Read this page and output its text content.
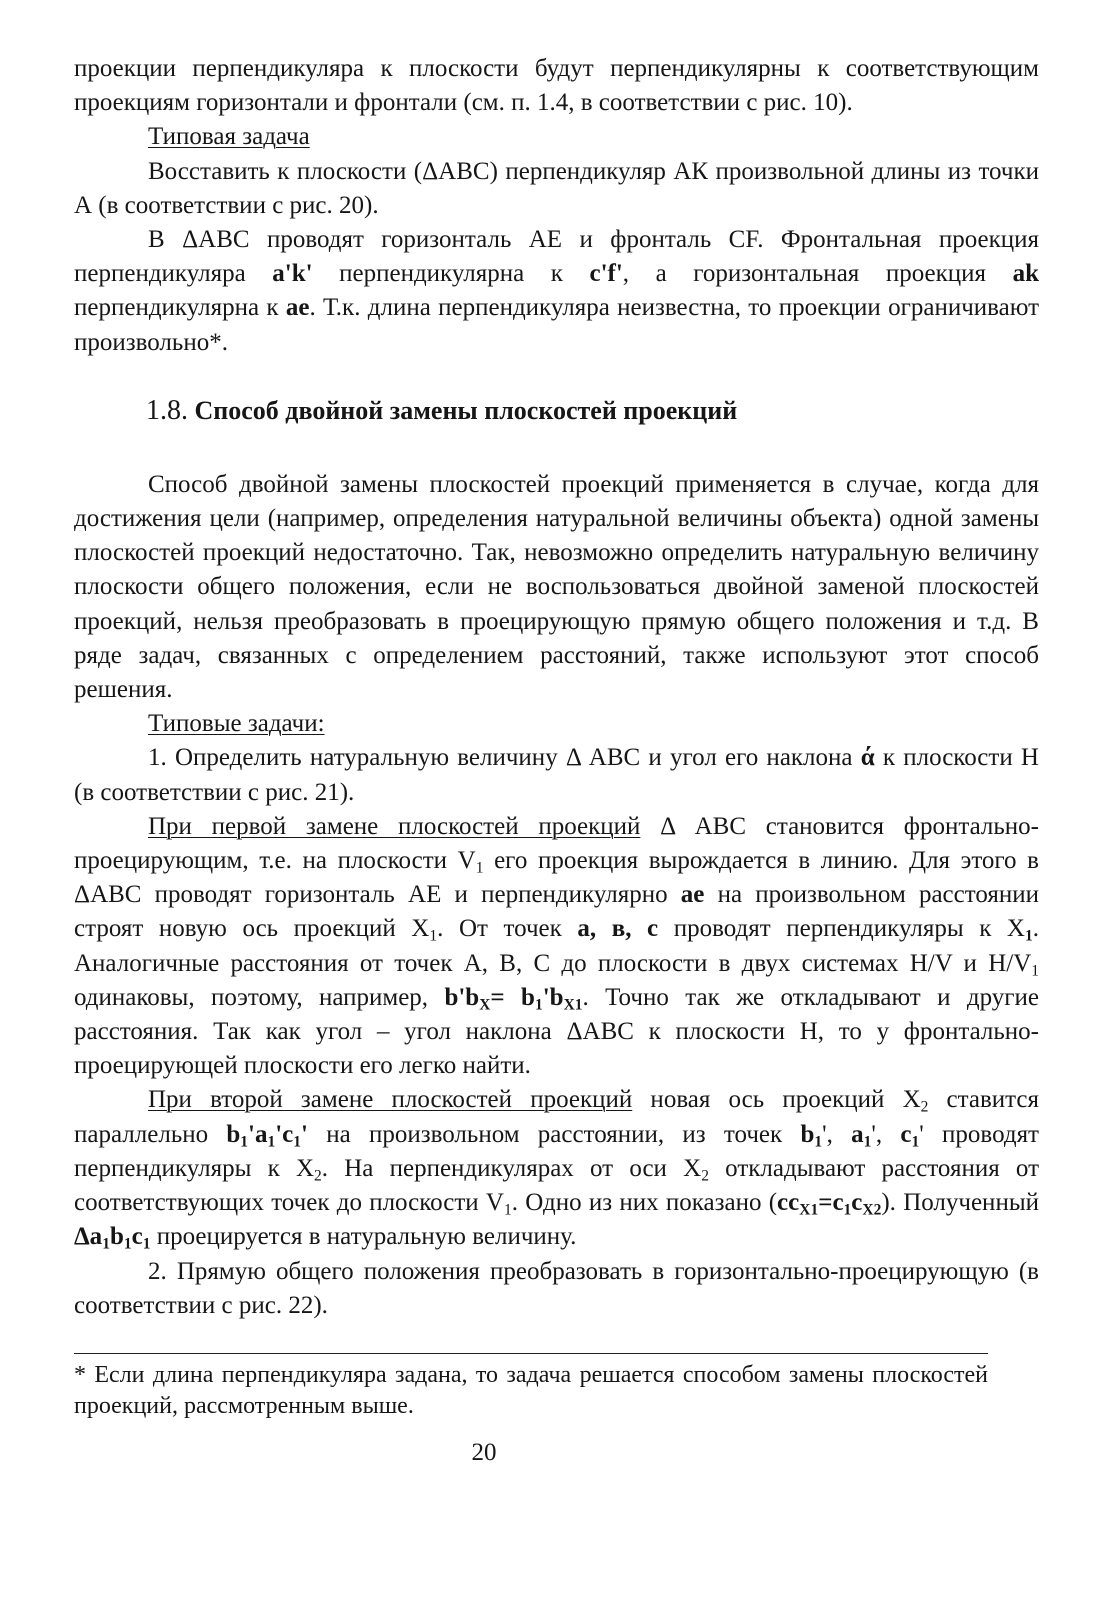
проекции перпендикуляра к плоскости будут перпендикулярны к соответствующим проекциям горизонтали и фронтали (см. п. 1.4, в соответствии с рис. 10).

Типовая задача

Восставить к плоскости (ΔАВС) перпендикуляр АК произвольной длины из точки А (в соответствии с рис. 20).

В ΔАВС проводят горизонталь АЕ и фронталь CF. Фронтальная проекция перпендикуляра a'k' перпендикулярна к c'f', а горизонтальная проекция ak перпендикулярна к ae. Т.к. длина перпендикуляра неизвестна, то проекции ограничивают произвольно*.

1.8. Способ двойной замены плоскостей проекций

Способ двойной замены плоскостей проекций применяется в случае, когда для достижения цели (например, определения натуральной величины объекта) одной замены плоскостей проекций недостаточно. Так, невозможно определить натуральную величину плоскости общего положения, если не воспользоваться двойной заменой плоскостей проекций, нельзя преобразовать в проецирующую прямую общего положения и т.д. В ряде задач, связанных с определением расстояний, также используют этот способ решения.

Типовые задачи:

1. Определить натуральную величину Δ АВС и угол его наклона ά к плоскости Н (в соответствии с рис. 21).

При первой замене плоскостей проекций Δ АВС становится фронтально-проецирующим, т.е. на плоскости $V_1$ его проекция вырождается в линию. Для этого в ΔАВС проводят горизонталь АЕ и перпендикулярно ae на произвольном расстоянии строят новую ось проекций $X_1$. От точек а, в, с проводят перпендикуляры к $X_1$. Аналогичные расстояния от точек А, В, С до плоскости в двух системах H/V и $H/V_1$ одинаковы, поэтому, например, $b'b_X= b_1'b_{X1}$. Точно так же откладывают и другие расстояния. Так как угол – угол наклона ΔАВС к плоскости Н, то у фронтально-проецирующей плоскости его легко найти.

При второй замене плоскостей проекций новая ось проекций $X_2$ ставится параллельно $b_1'a_1'c_1'$ на произвольном расстоянии, из точек $b_1'$, $a_1'$, $c_1'$ проводят перпендикуляры к $X_2$. На перпендикулярах от оси $X_2$ откладывают расстояния от соответствующих точек до плоскости $V_1$. Одно из них показано $(cc_{X1}=c_1c_{X2})$. Полученный $\Delta a_1b_1c_1$ проецируется в натуральную величину.

2. Прямую общего положения преобразовать в горизонтально-проецирующую (в соответствии с рис. 22).

* Если длина перпендикуляра задана, то задача решается способом замены плоскостей проекций, рассмотренным выше.

20
